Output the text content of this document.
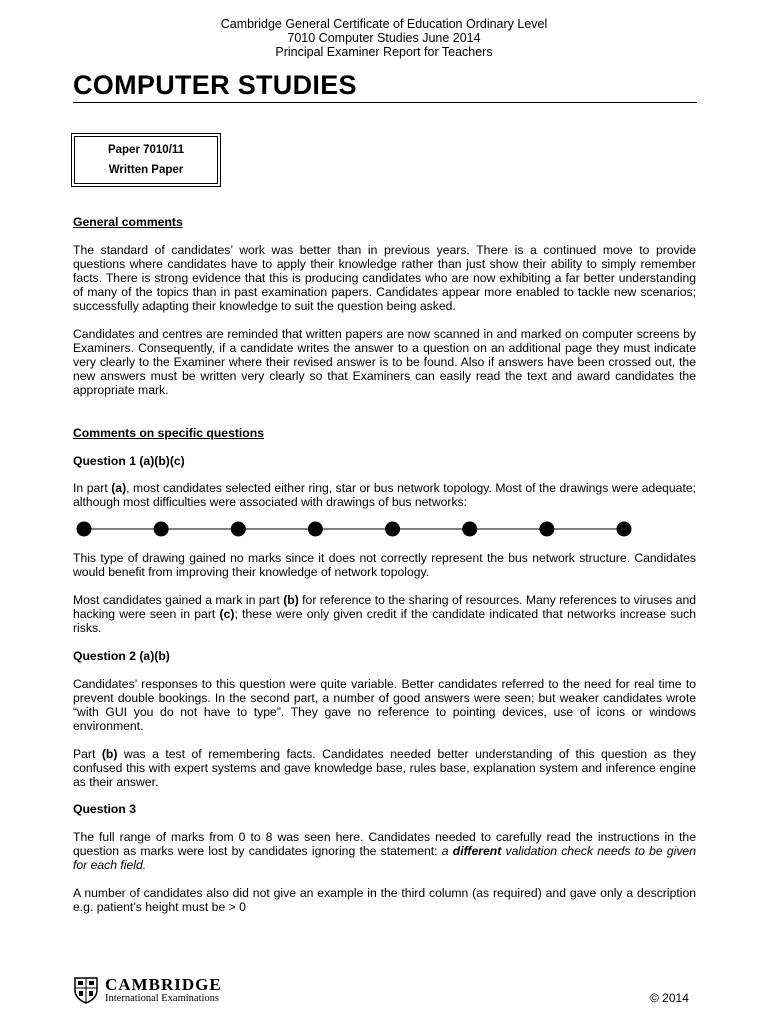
Cambridge General Certificate of Education Ordinary Level
7010 Computer Studies June 2014
Principal Examiner Report for Teachers
COMPUTER STUDIES
Paper 7010/11
Written Paper
General comments

The standard of candidates’ work was better than in previous years. There is a continued move to provide questions where candidates have to apply their knowledge rather than just show their ability to simply remember facts. There is strong evidence that this is producing candidates who are now exhibiting a far better understanding of many of the topics than in past examination papers. Candidates appear more enabled to tackle new scenarios; successfully adapting their knowledge to suit the question being asked.

Candidates and centres are reminded that written papers are now scanned in and marked on computer screens by Examiners. Consequently, if a candidate writes the answer to a question on an additional page they must indicate very clearly to the Examiner where their revised answer is to be found. Also if answers have been crossed out, the new answers must be written very clearly so that Examiners can easily read the text and award candidates the appropriate mark.

Comments on specific questions
Question 1 (a)(b)(c)

In part (a), most candidates selected either ring, star or bus network topology. Most of the drawings were adequate; although most difficulties were associated with drawings of bus networks:

This type of drawing gained no marks since it does not correctly represent the bus network structure. Candidates would benefit from improving their knowledge of network topology.

Most candidates gained a mark in part (b) for reference to the sharing of resources. Many references to viruses and hacking were seen in part (c); these were only given credit if the candidate indicated that networks increase such risks.

Question 2 (a)(b)

Candidates’ responses to this question were quite variable. Better candidates referred to the need for real time to prevent double bookings. In the second part, a number of good answers were seen; but weaker candidates wrote “with GUI you do not have to type”. They gave no reference to pointing devices, use of icons or windows environment.

Part (b) was a test of remembering facts. Candidates needed better understanding of this question as they confused this with expert systems and gave knowledge base, rules base, explanation system and inference engine as their answer.

Question 3

The full range of marks from 0 to 8 was seen here. Candidates needed to carefully read the instructions in the question as marks were lost by candidates ignoring the statement: a different validation check needs to be given for each field.

A number of candidates also did not give an example in the third column (as required) and gave only a description e.g. patient’s height must be > 0

CAMBRIDGE
International Examinations	© 2014
